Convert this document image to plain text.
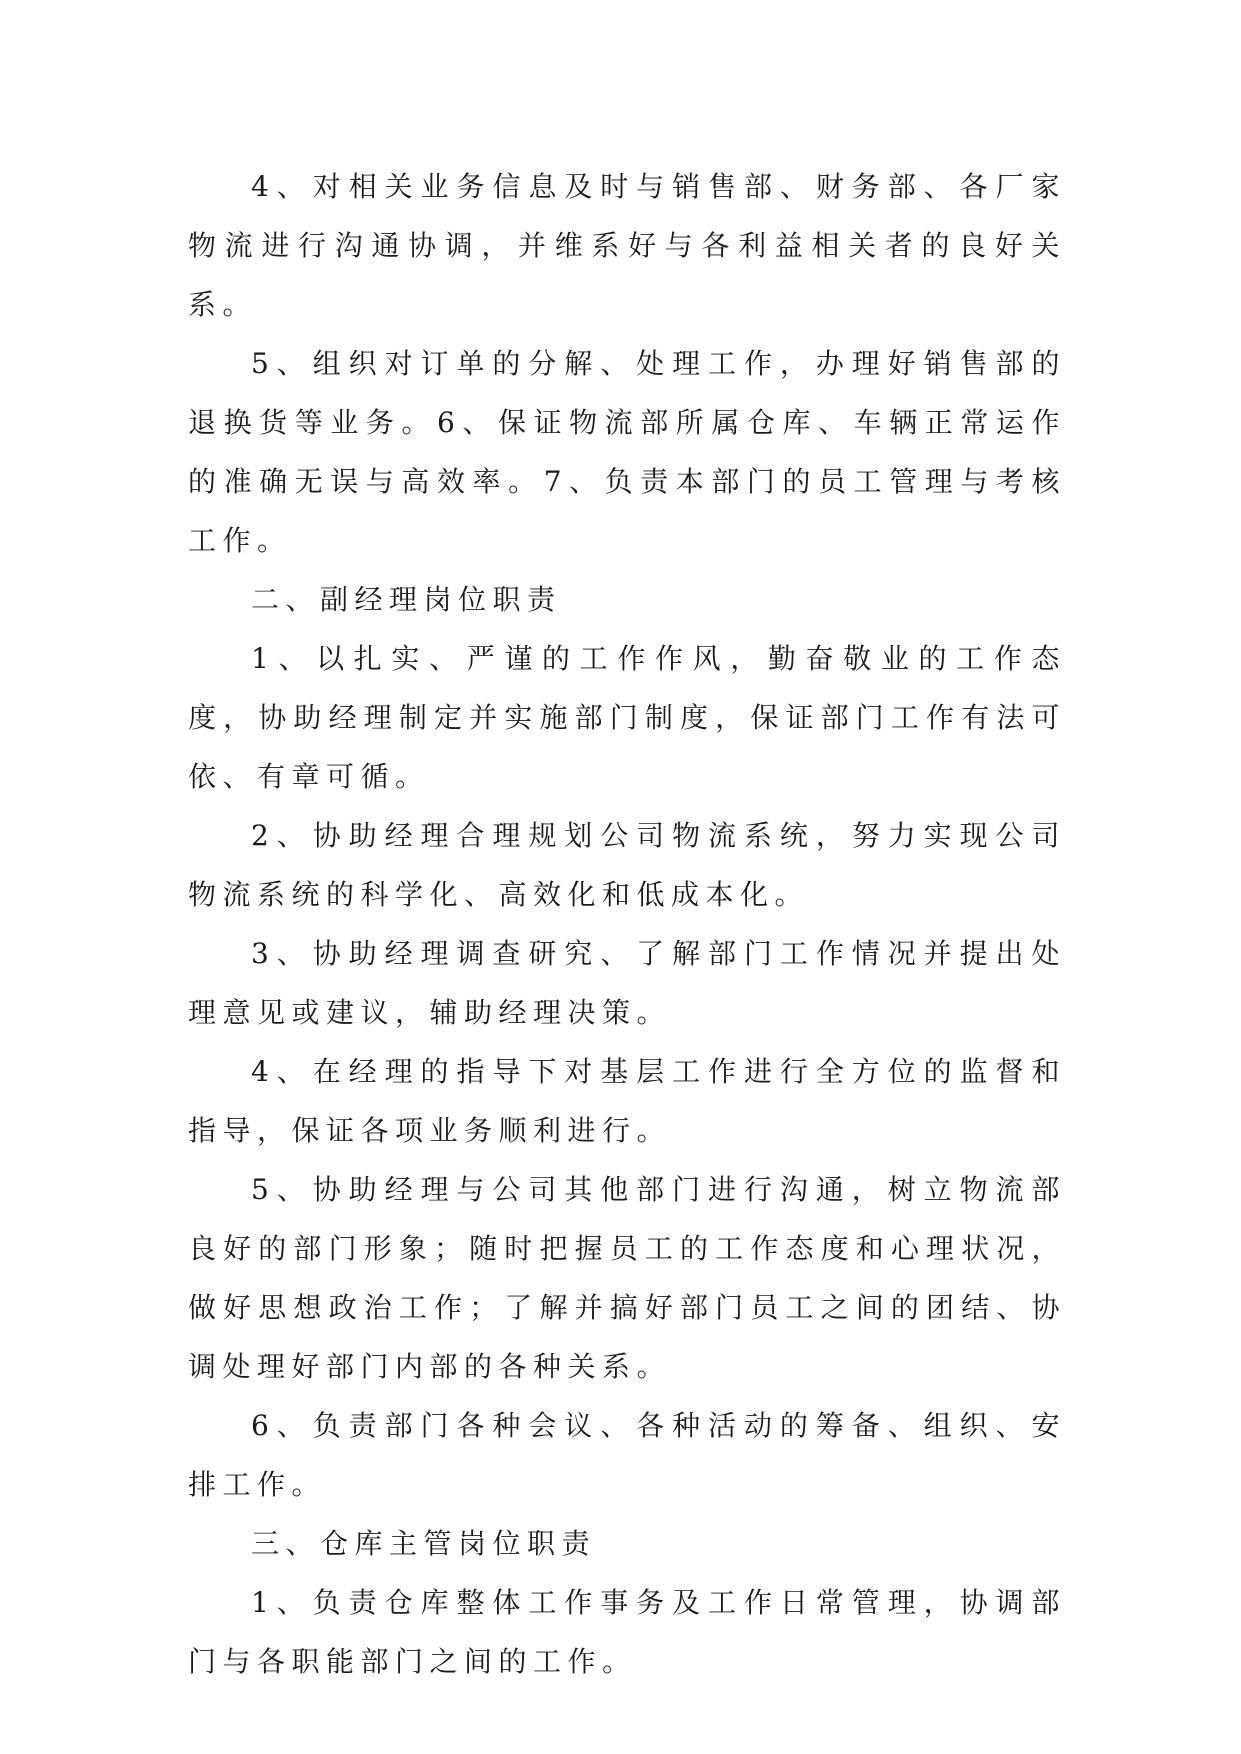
4、对相关业务信息及时与销售部、财务部、各厂家物流进行沟通协调，并维系好与各利益相关者的良好关系。

5、组织对订单的分解、处理工作，办理好销售部的退换货等业务。6、保证物流部所属仓库、车辆正常运作的准确无误与高效率。7、负责本部门的员工管理与考核工作。

二、副经理岗位职责

1、以扎实、严谨的工作作风，勤奋敬业的工作态度，协助经理制定并实施部门制度，保证部门工作有法可依、有章可循。

2、协助经理合理规划公司物流系统，努力实现公司物流系统的科学化、高效化和低成本化。

3、协助经理调查研究、了解部门工作情况并提出处理意见或建议，辅助经理决策。

4、在经理的指导下对基层工作进行全方位的监督和指导，保证各项业务顺利进行。

5、协助经理与公司其他部门进行沟通，树立物流部良好的部门形象；随时把握员工的工作态度和心理状况，做好思想政治工作；了解并搞好部门员工之间的团结、协调处理好部门内部的各种关系。

6、负责部门各种会议、各种活动的筹备、组织、安排工作。

三、仓库主管岗位职责

1、负责仓库整体工作事务及工作日常管理，协调部门与各职能部门之间的工作。
